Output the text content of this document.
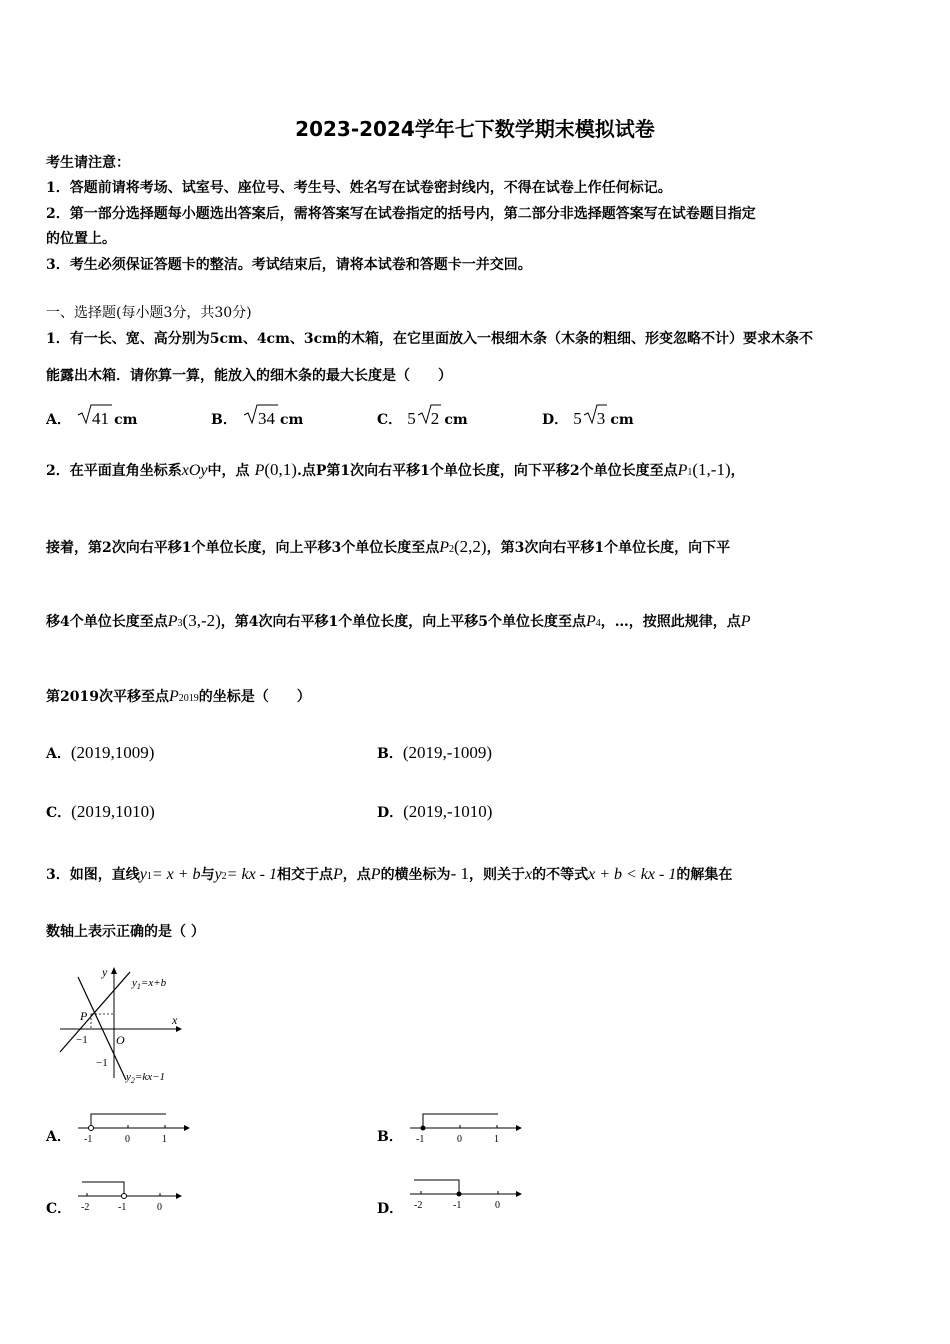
2023-2024学年七下数学期末模拟试卷
考生请注意：
1．答题前请将考场、试室号、座位号、考生号、姓名写在试卷密封线内，不得在试卷上作任何标记。
2．第一部分选择题每小题选出答案后，需将答案写在试卷指定的括号内，第二部分非选择题答案写在试卷题目指定
的位置上。
3．考生必须保证答题卡的整洁。考试结束后，请将本试卷和答题卡一并交回。
一、选择题(每小题3分，共30分)
1．有一长、宽、高分别为5cm、4cm、3cm的木箱，在它里面放入一根细木条（木条的粗细、形变忽略不计）要求木条不
能露出木箱．请你算一算，能放入的细木条的最大长度是（　　）
A． 41 cm	B． 34 cm	C． 5 2 cm	D． 5 3 cm
2．在平面直角坐标系xOy中，点 P(0,1).点P第1次向右平移1个单位长度，向下平移2个单位长度至点P1(1,-1)，
接着，第2次向右平移1个单位长度，向上平移3个单位长度至点P2(2,2)，第3次向右平移1个单位长度，向下平
移4个单位长度至点P3(3,-2)，第4次向右平移1个单位长度，向上平移5个单位长度至点P4，…，按照此规律，点P
第2019次平移至点P2019的坐标是（　　）
A．(2019,1009)	B．(2019,-1009)
C．(2019,1010)	D．(2019,-1010)
3．如图，直线y1= x + b与y2= kx - 1相交于点P，点P的横坐标为- 1，则关于x的不等式x + b < kx - 1的解集在
数轴上表示正确的是（ ）
y
x
O
P
−1
−1
$y_1=x+b$
$y_2=kx-1$
A． -1	0	1	B． -1	0	1
C． -2	-1	0	D． -2	-1	0
